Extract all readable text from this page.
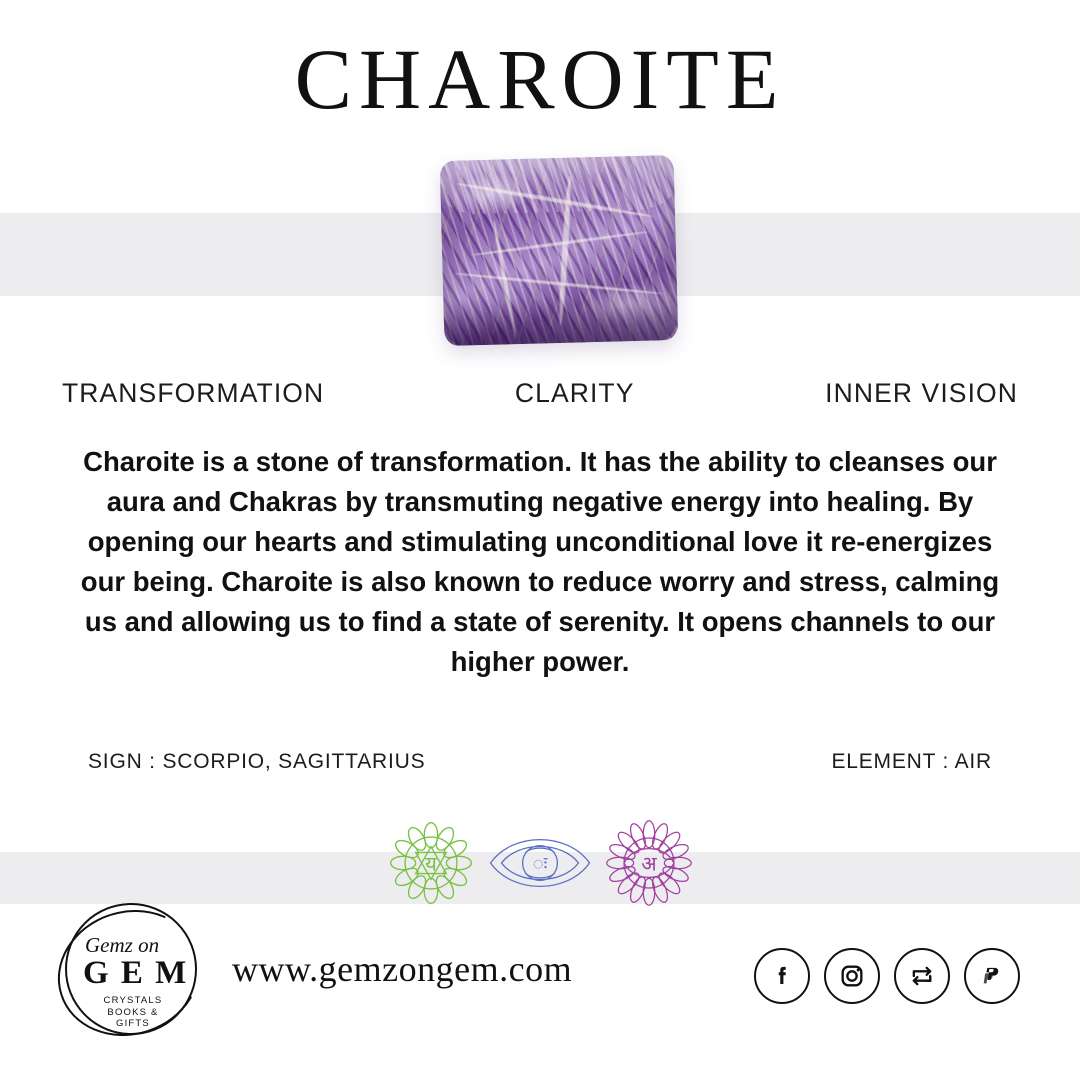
CHAROITE
TRANSFORMATION	CLARITY	INNER VISION
Charoite is a stone of transformation. It has the ability to cleanses our aura and Chakras by transmuting negative energy into healing. By opening our hearts and stimulating unconditional love it re-energizes our being. Charoite is also known to reduce worry and stress, calming us and allowing us to find a state of serenity. It opens channels to our higher power.
SIGN : SCORPIO, SAGITTARIUS	ELEMENT : AIR
य	ः	अ
Gemz on
G E M
CRYSTALS
BOOKS & GIFTS
www.gemzongem.com
